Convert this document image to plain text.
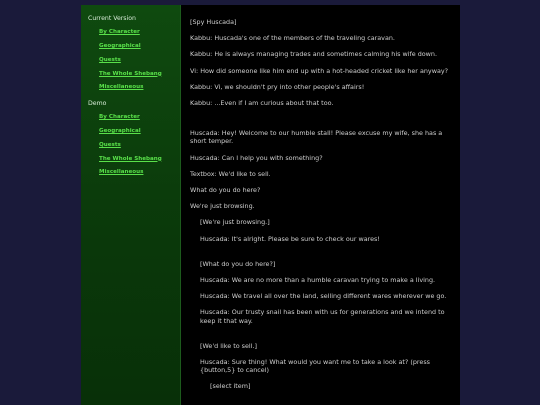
Current Version
By Character
Geographical
Quests
The Whole Shebang
Miscellaneous
Demo
By Character
Geographical
Quests
The Whole Shebang
Miscellaneous
[Spy Huscada]
Kabbu: Huscada's one of the members of the traveling caravan.
Kabbu: He is always managing trades and sometimes calming his wife down.
Vi: How did someone like him end up with a hot-headed cricket like her anyway?
Kabbu: Vi, we shouldn't pry into other people's affairs!
Kabbu: ...Even if I am curious about that too.
Huscada: Hey! Welcome to our humble stall! Please excuse my wife, she has a short temper.
Huscada: Can I help you with something?
Textbox: We'd like to sell.
What do you do here?
We're just browsing.
[We're just browsing.]
Huscada: It's alright. Please be sure to check our wares!
[What do you do here?]
Huscada: We are no more than a humble caravan trying to make a living.
Huscada: We travel all over the land, selling different wares wherever we go.
Huscada: Our trusty snail has been with us for generations and we intend to keep it that way.
[We'd like to sell.]
Huscada: Sure thing! What would you want me to take a look at? (press {button,5} to cancel)
[select item]
